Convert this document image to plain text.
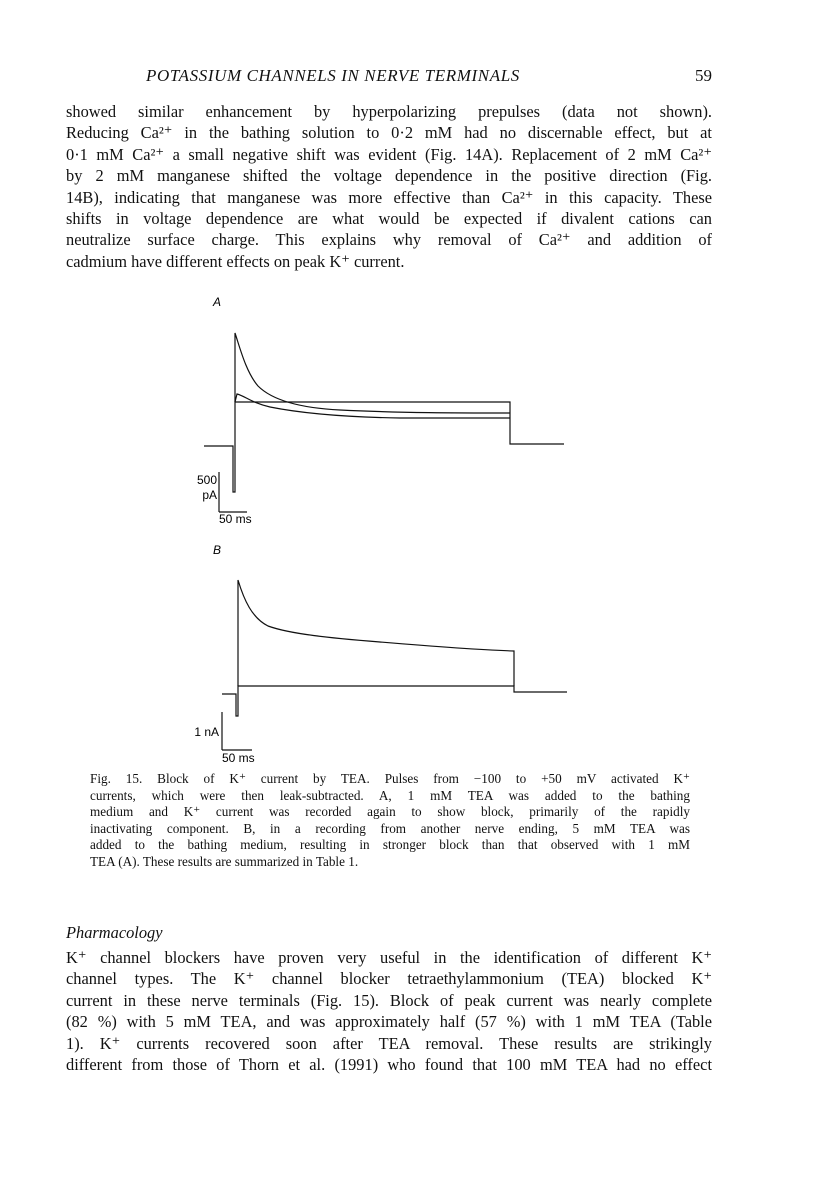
POTASSIUM CHANNELS IN NERVE TERMINALS	59

showed similar enhancement by hyperpolarizing prepulses (data not shown).
Reducing Ca²⁺ in the bathing solution to 0·2 mM had no discernable effect, but at
0·1 mM Ca²⁺ a small negative shift was evident (Fig. 14A). Replacement of 2 mM Ca²⁺
by 2 mM manganese shifted the voltage dependence in the positive direction (Fig.
14B), indicating that manganese was more effective than Ca²⁺ in this capacity. These
shifts in voltage dependence are what would be expected if divalent cations can
neutralize surface charge. This explains why removal of Ca²⁺ and addition of
cadmium have different effects on peak K⁺ current.

A
500
pA
50 ms
B
1 nA
50 ms

Fig. 15. Block of K⁺ current by TEA. Pulses from −100 to +50 mV activated K⁺
currents, which were then leak-subtracted. A, 1 mM TEA was added to the bathing
medium and K⁺ current was recorded again to show block, primarily of the rapidly
inactivating component. B, in a recording from another nerve ending, 5 mM TEA was
added to the bathing medium, resulting in stronger block than that observed with 1 mM
TEA (A). These results are summarized in Table 1.

Pharmacology

K⁺ channel blockers have proven very useful in the identification of different K⁺
channel types. The K⁺ channel blocker tetraethylammonium (TEA) blocked K⁺
current in these nerve terminals (Fig. 15). Block of peak current was nearly complete
(82 %) with 5 mM TEA, and was approximately half (57 %) with 1 mM TEA (Table
1). K⁺ currents recovered soon after TEA removal. These results are strikingly
different from those of Thorn et al. (1991) who found that 100 mM TEA had no effect
